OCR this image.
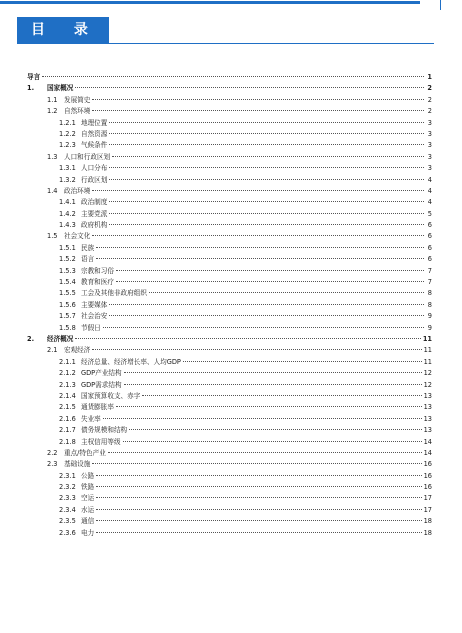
目 录
导言	1
1. 国家概况	2
1.1 发展简史	2
1.2 自然环境	2
1.2.1 地理位置	3
1.2.2 自然资源	3
1.2.3 气候条件	3
1.3 人口和行政区划	3
1.3.1 人口分布	3
1.3.2 行政区划	4
1.4 政治环境	4
1.4.1 政治制度	4
1.4.2 主要党派	5
1.4.3 政府机构	6
1.5 社会文化	6
1.5.1 民族	6
1.5.2 语言	6
1.5.3 宗教和习俗	7
1.5.4 教育和医疗	7
1.5.5 工会及其他非政府组织	8
1.5.6 主要媒体	8
1.5.7 社会治安	9
1.5.8 节假日	9
2. 经济概况	11
2.1 宏观经济	11
2.1.1 经济总量、经济增长率、人均GDP	11
2.1.2 GDP产业结构	12
2.1.3 GDP需求结构	12
2.1.4 国家预算收支、赤字	13
2.1.5 通货膨胀率	13
2.1.6 失业率	13
2.1.7 债务规模和结构	13
2.1.8 主权信用等级	14
2.2 重点/特色产业	14
2.3 基础设施	16
2.3.1 公路	16
2.3.2 铁路	16
2.3.3 空运	17
2.3.4 水运	17
2.3.5 通信	18
2.3.6 电力	18
